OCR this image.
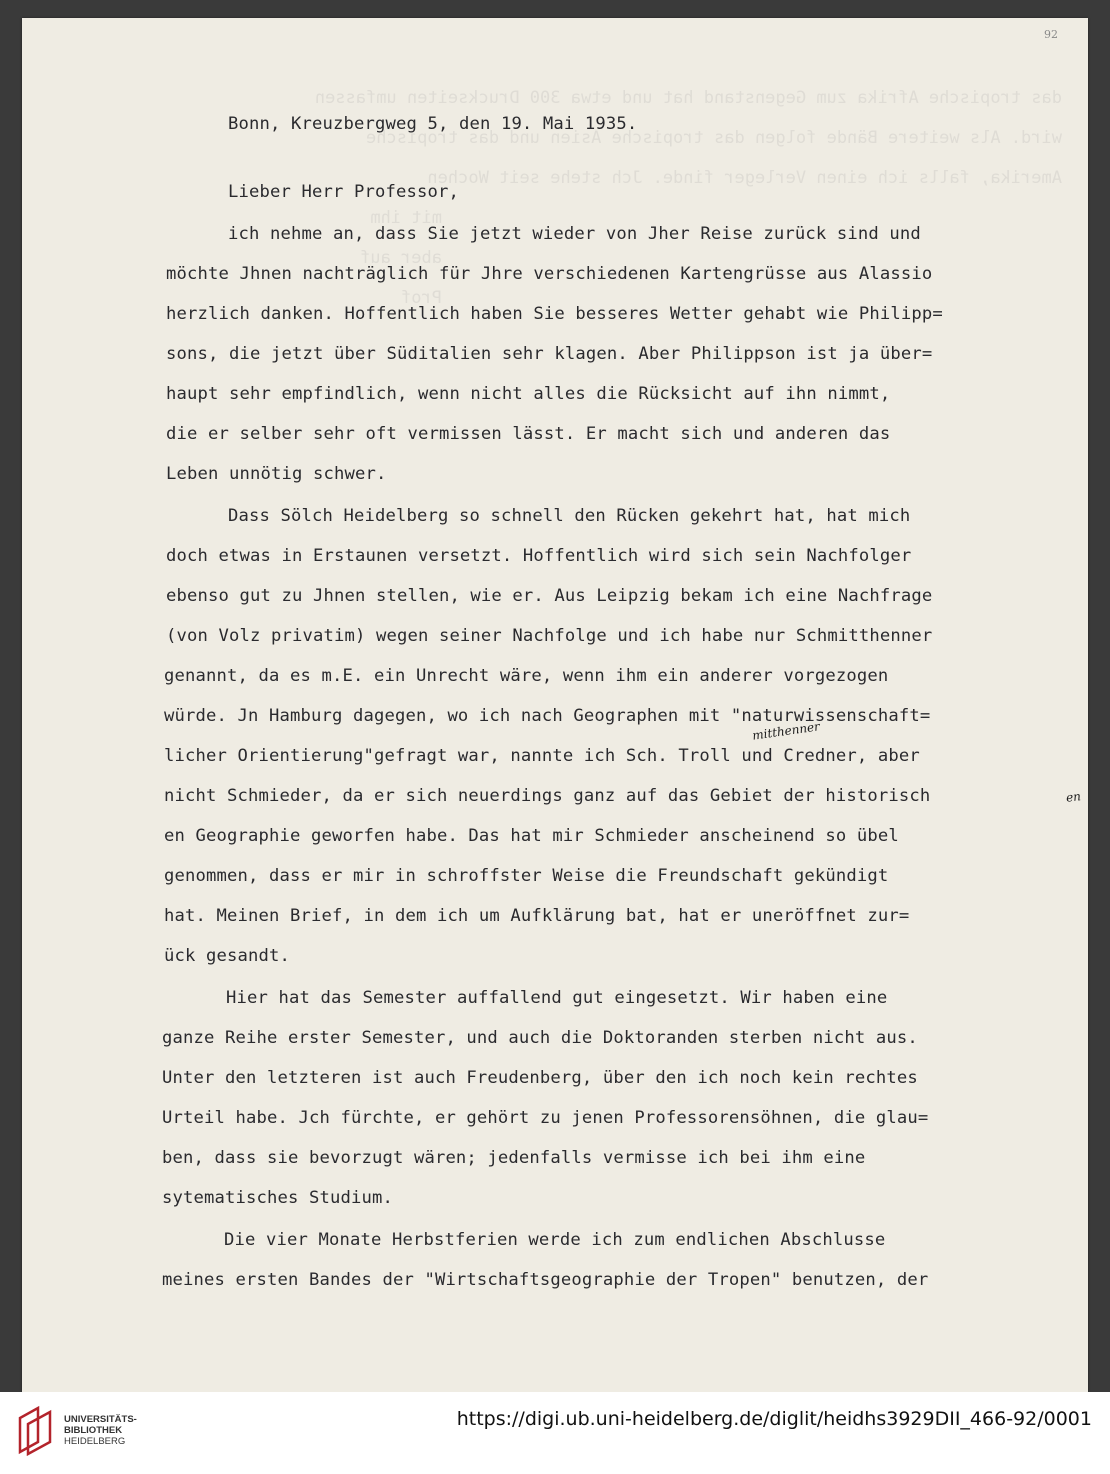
das tropische Afrika zum Gegenstand hat und etwa 300 Druckseiten umfassen
wird. Als weitere Bände folgen das tropische Asien und das tropische
Amerika, falls ich einen Verleger finde. Jch stehe seit Wochen
mit ihm
aber auf
Prof
92
Bonn, Kreuzbergweg 5, den 19. Mai 1935.
Lieber Herr Professor,
ich nehme an, dass Sie jetzt wieder von Jher Reise zurück sind und
möchte Jhnen nachträglich für Jhre verschiedenen Kartengrüsse aus Alassio
herzlich danken. Hoffentlich haben Sie besseres Wetter gehabt wie Philipp=
sons, die jetzt über Süditalien sehr klagen. Aber Philippson ist ja über=
haupt sehr empfindlich, wenn nicht alles die Rücksicht auf ihn nimmt,
die er selber sehr oft vermissen lässt. Er macht sich und anderen das
Leben unnötig schwer.
Dass Sölch Heidelberg so schnell den Rücken gekehrt hat, hat mich
doch etwas in Erstaunen versetzt. Hoffentlich wird sich sein Nachfolger
ebenso gut zu Jhnen stellen, wie er. Aus Leipzig bekam ich eine Nachfrage
(von Volz privatim) wegen seiner Nachfolge und ich habe nur Schmitthenner
genannt, da es m.E. ein Unrecht wäre, wenn ihm ein anderer vorgezogen
würde. Jn Hamburg dagegen, wo ich nach Geographen mit "naturwissenschaft=
licher Orientierung"gefragt war, nannte ich Sch. Troll und Credner, aber
nicht Schmieder, da er sich neuerdings ganz auf das Gebiet der historisch
en Geographie geworfen habe. Das hat mir Schmieder anscheinend so übel
genommen, dass er mir in schroffster Weise die Freundschaft gekündigt
hat. Meinen Brief, in dem ich um Aufklärung bat, hat er uneröffnet zur=
ück gesandt.
Hier hat das Semester auffallend gut eingesetzt. Wir haben eine
ganze Reihe erster Semester, und auch die Doktoranden sterben nicht aus.
Unter den letzteren ist auch Freudenberg, über den ich noch kein rechtes
Urteil habe. Jch fürchte, er gehört zu jenen Professorensöhnen, die glau=
ben, dass sie bevorzugt wären; jedenfalls vermisse ich bei ihm eine
sytematisches Studium.
Die vier Monate Herbstferien werde ich zum endlichen Abschlusse
meines ersten Bandes der "Wirtschaftsgeographie der Tropen" benutzen, der
mitthenner
en
UNIVERSITÄTS-
BIBLIOTHEK
HEIDELBERG
https://digi.ub.uni-heidelberg.de/diglit/heidhs3929DII_466-92/0001
